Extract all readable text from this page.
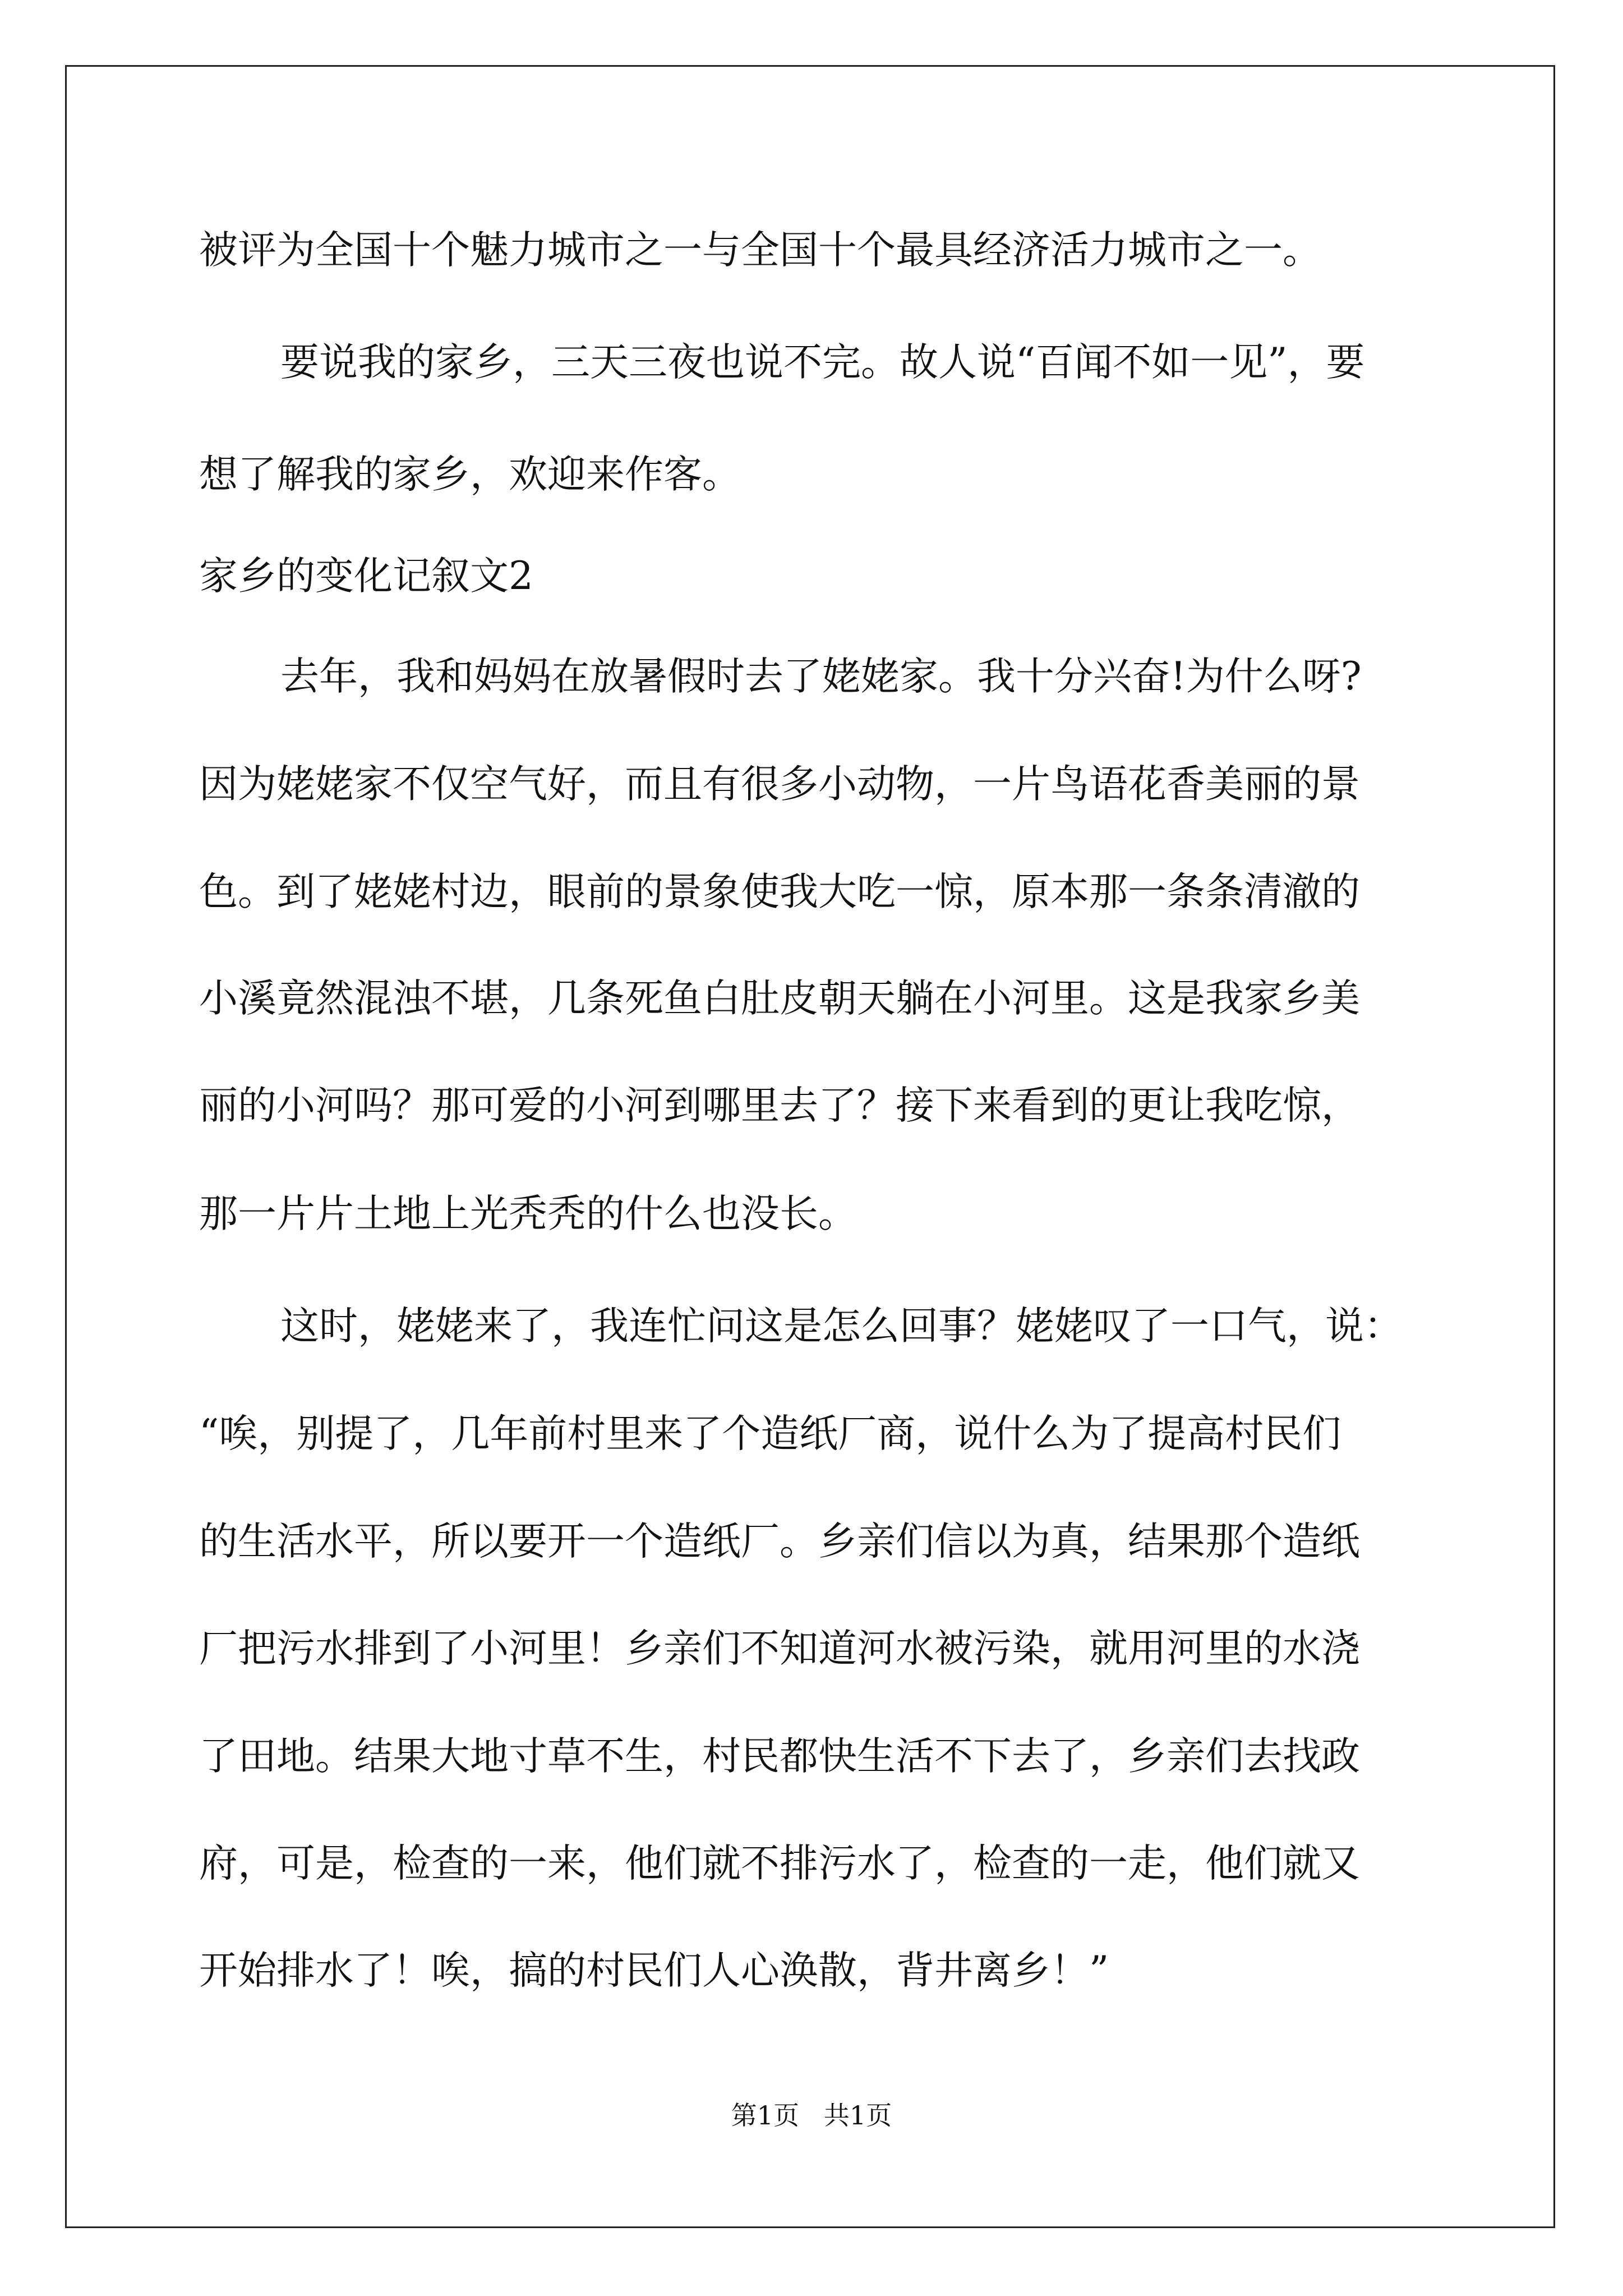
被评为全国十个魅力城市之一与全国十个最具经济活力城市之一。
要说我的家乡，三天三夜也说不完。故人说“百闻不如一见”，要
想了解我的家乡，欢迎来作客。
家乡的变化记叙文2
去年，我和妈妈在放暑假时去了姥姥家。我十分兴奋!为什么呀?
因为姥姥家不仅空气好，而且有很多小动物，一片鸟语花香美丽的景
色。到了姥姥村边，眼前的景象使我大吃一惊，原本那一条条清澈的
小溪竟然混浊不堪，几条死鱼白肚皮朝天躺在小河里。这是我家乡美
丽的小河吗？那可爱的小河到哪里去了？接下来看到的更让我吃惊，
那一片片土地上光秃秃的什么也没长。
这时，姥姥来了，我连忙问这是怎么回事？姥姥叹了一口气，说：
“唉，别提了，几年前村里来了个造纸厂商，说什么为了提高村民们
的生活水平，所以要开一个造纸厂。乡亲们信以为真，结果那个造纸
厂把污水排到了小河里！乡亲们不知道河水被污染，就用河里的水浇
了田地。结果大地寸草不生，村民都快生活不下去了，乡亲们去找政
府，可是，检查的一来，他们就不排污水了，检查的一走，他们就又
开始排水了！唉，搞的村民们人心涣散，背井离乡！”
第1页   共1页
